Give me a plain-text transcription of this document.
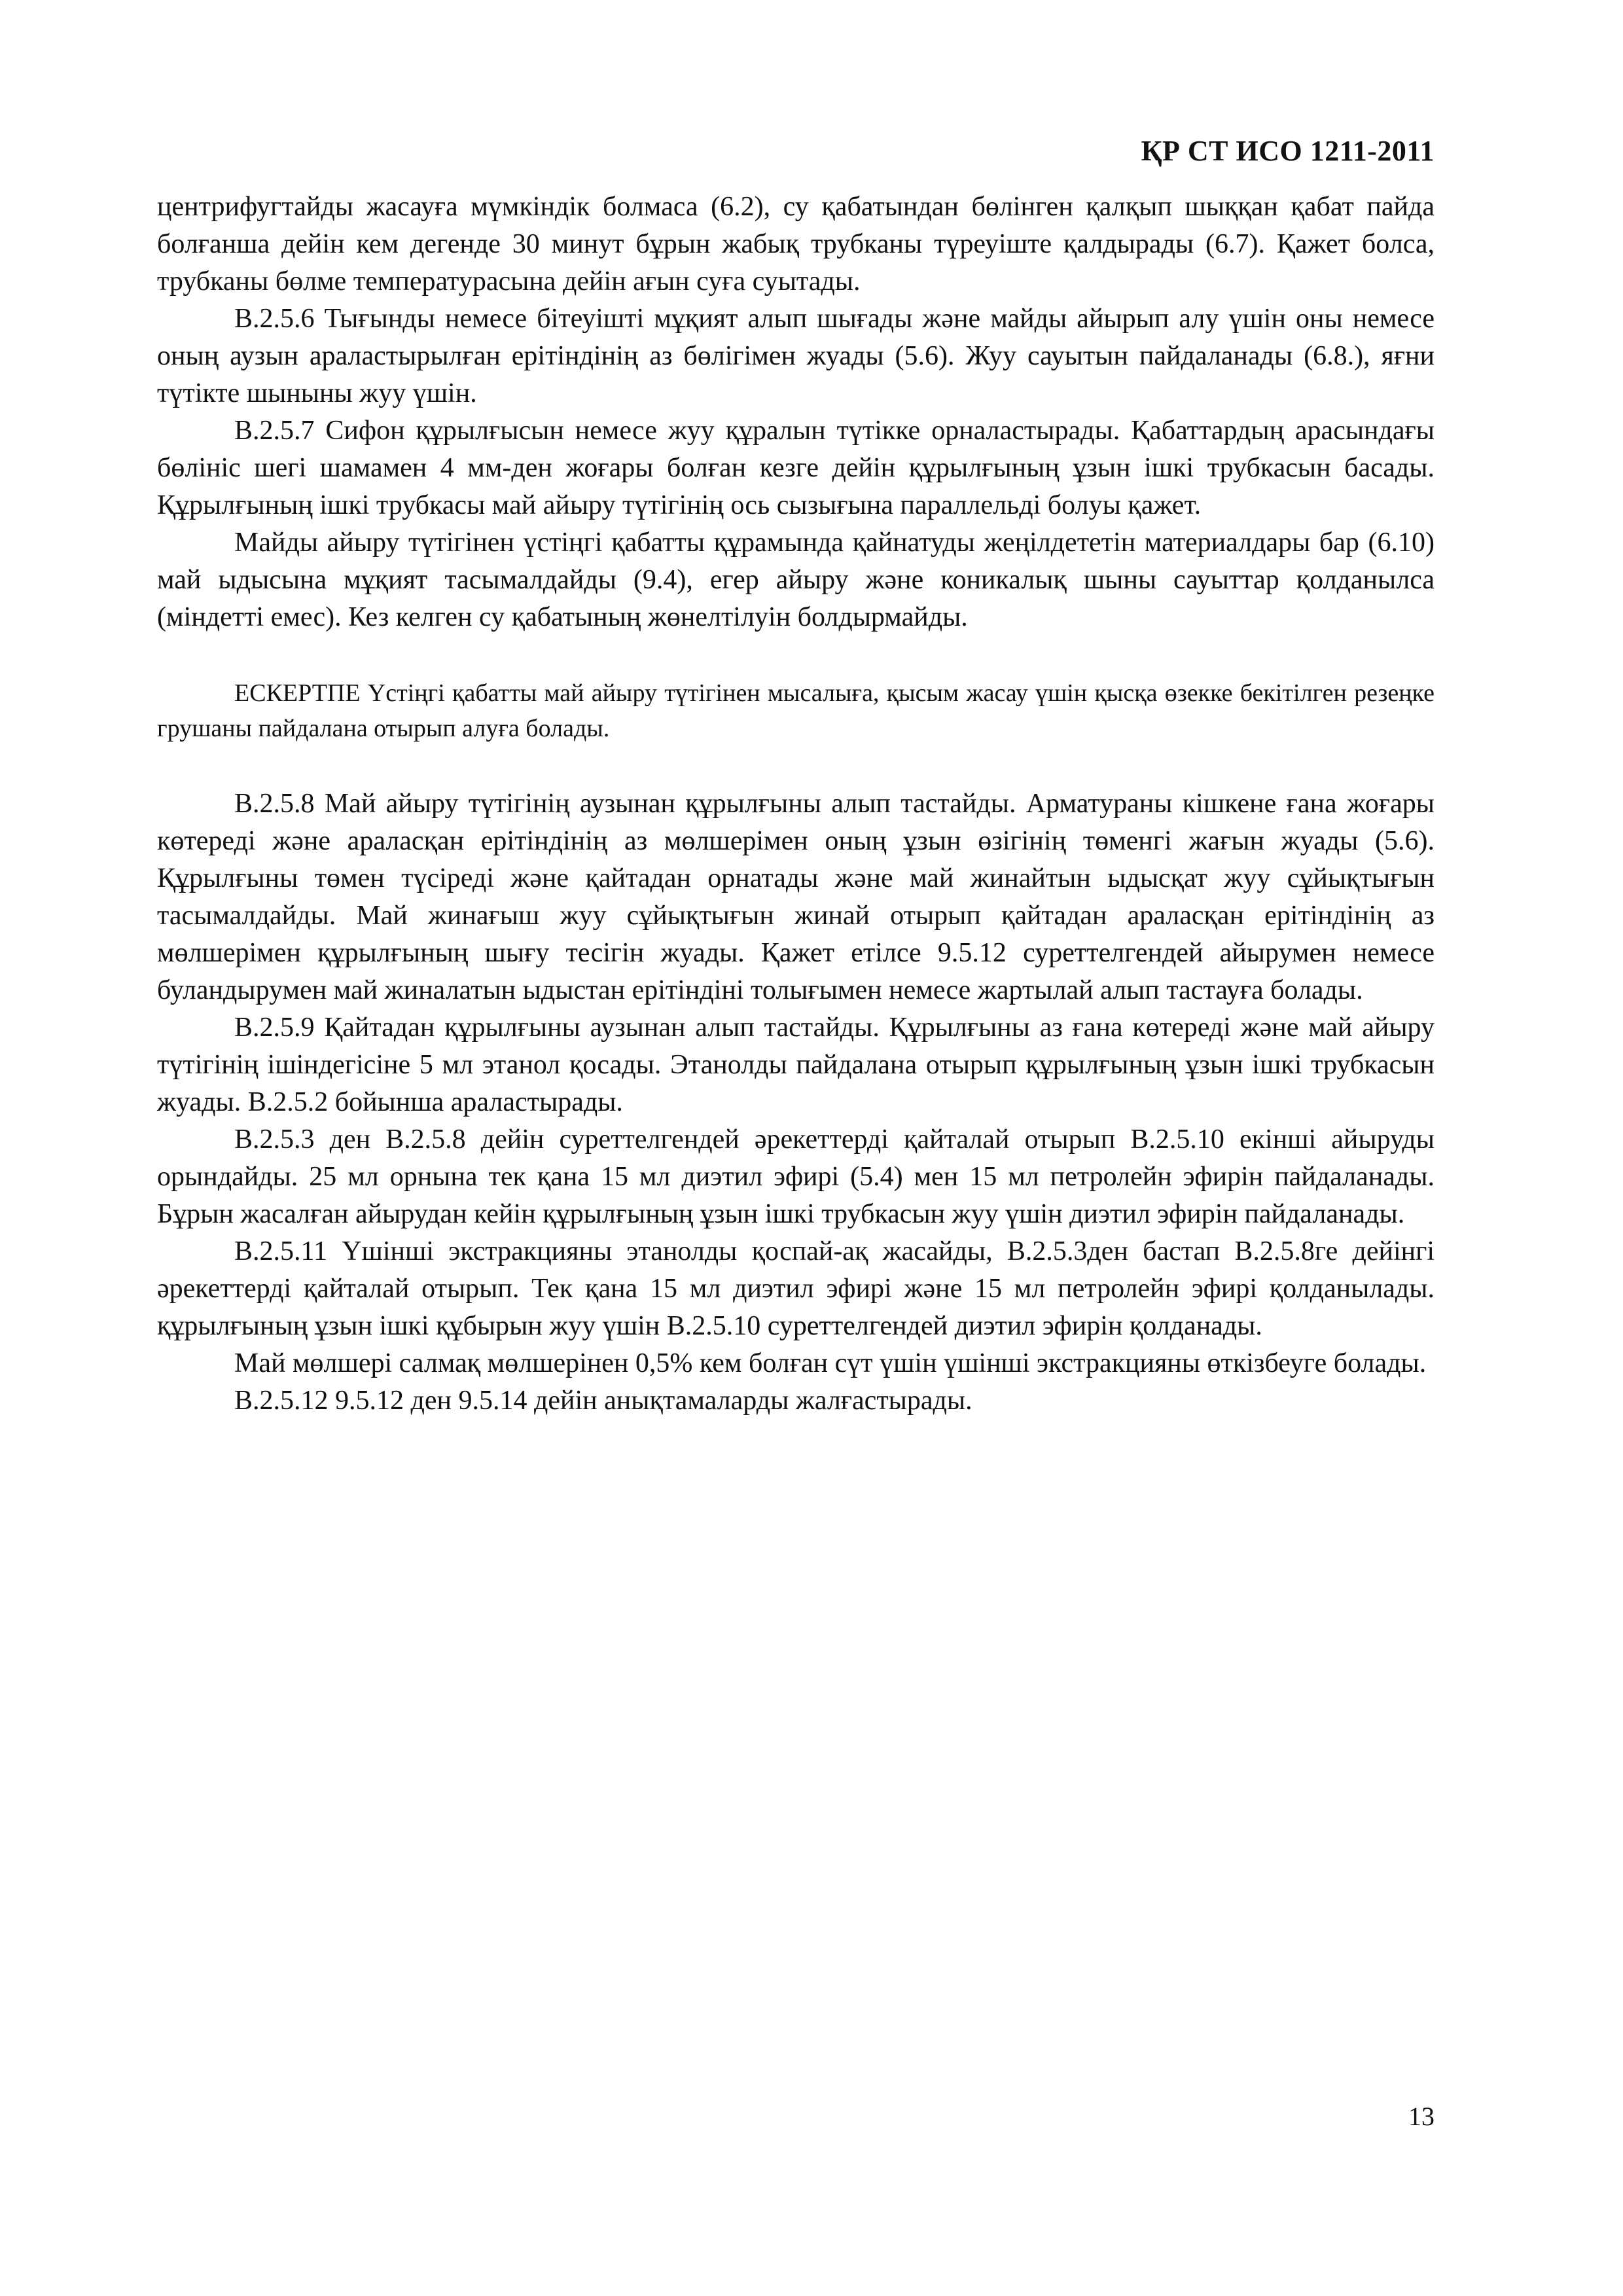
ҚР СТ ИСО 1211-2011

центрифугтайды жасауға мүмкіндік болмаса (6.2), су қабатындан бөлінген қалқып шыққан қабат пайда болғанша дейін кем дегенде 30 минут бұрын жабық трубканы түреуіште қалдырады (6.7). Қажет болса, трубканы бөлме температурасына дейін ағын суға суытады.

В.2.5.6 Тығынды немесе бітеуішті мұқият алып шығады және майды айырып алу үшін оны немесе оның аузын араластырылған ерітіндінің аз бөлігімен жуады (5.6). Жуу сауытын пайдаланады (6.8.), яғни түтікте шыныны жуу үшін.

В.2.5.7 Сифон құрылғысын немесе жуу құралын түтікке орналастырады. Қабаттардың арасындағы бөлініс шегі шамамен 4 мм-ден жоғары болған кезге дейін құрылғының ұзын ішкі трубкасын басады. Құрылғының ішкі трубкасы май айыру түтігінің ось сызығына параллельді болуы қажет.

Майды айыру түтігінен үстіңгі қабатты құрамында қайнатуды жеңілдететін материалдары бар (6.10) май ыдысына мұқият тасымалдайды (9.4), егер айыру және коникалық шыны сауыттар қолданылса (міндетті емес). Кез келген су қабатының жөнелтілуін болдырмайды.

ЕСКЕРТПЕ Үстіңгі қабатты май айыру түтігінен мысалыға, қысым жасау үшін қысқа өзекке бекітілген резеңке грушаны пайдалана отырып алуға болады.

В.2.5.8 Май айыру түтігінің аузынан құрылғыны алып тастайды. Арматураны кішкене ғана жоғары көтереді және араласқан ерітіндінің аз мөлшерімен оның ұзын өзігінің төменгі жағын жуады (5.6). Құрылғыны төмен түсіреді және қайтадан орнатады және май жинайтын ыдысқат жуу сұйықтығын тасымалдайды. Май жинағыш жуу сұйықтығын жинай отырып қайтадан араласқан ерітіндінің аз мөлшерімен құрылғының шығу тесігін жуады. Қажет етілсе 9.5.12 суреттелгендей айырумен немесе буландырумен май жиналатын ыдыстан ерітіндіні толығымен немесе жартылай алып тастауға болады.

В.2.5.9 Қайтадан құрылғыны аузынан алып тастайды. Құрылғыны аз ғана көтереді және май айыру түтігінің ішіндегісіне 5 мл этанол қосады. Этанолды пайдалана отырып құрылғының ұзын ішкі трубкасын жуады. В.2.5.2 бойынша араластырады.

В.2.5.3 ден В.2.5.8 дейін суреттелгендей әрекеттерді қайталай отырып В.2.5.10 екінші айыруды орындайды. 25 мл орнына тек қана 15 мл диэтил эфирі (5.4) мен 15 мл петролейн эфирін пайдаланады. Бұрын жасалған айырудан кейін құрылғының ұзын ішкі трубкасын жуу үшін диэтил эфирін пайдаланады.

В.2.5.11 Үшінші экстракцияны этанолды қоспай-ақ жасайды, В.2.5.3ден бастап В.2.5.8ге дейінгі әрекеттерді қайталай отырып. Тек қана 15 мл диэтил эфирі және 15 мл петролейн эфирі қолданылады. құрылғының ұзын ішкі құбырын жуу үшін В.2.5.10 суреттелгендей диэтил эфирін қолданады.

Май мөлшері салмақ мөлшерінен 0,5% кем болған сүт үшін үшінші экстракцияны өткізбеуге болады.

В.2.5.12 9.5.12 ден 9.5.14 дейін анықтамаларды жалғастырады.

13
